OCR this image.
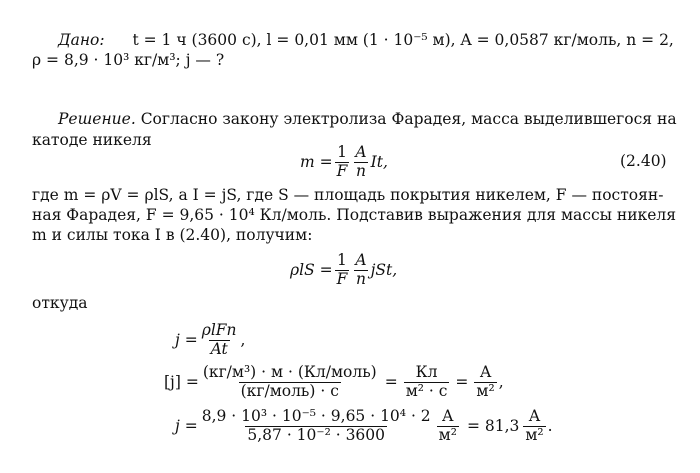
Дано: t = 1 ч (3600 с), l = 0,01 мм (1 · 10⁻⁵ м), A = 0,0587 кг/моль, n = 2,
ρ = 8,9 · 10³ кг/м³; j — ?
Решение. Согласно закону электролиза Фарадея, масса выделившегося на
катоде никеля
$m = \frac{1}{F} \frac{A}{n} It$,	(2.40)
где m = ρV = ρlS, а I = jS, где S — площадь покрытия никелем, F — постоян-
ная Фарадея, F = 9,65 · 10⁴ Кл/моль. Подставив выражения для массы никеля
m и силы тока I в (2.40), получим:
$\rho lS = \frac{1}{F} \frac{A}{n}$ jSt,
откуда
$j = \frac{\text{ρlFn}}{At}$ ,
$[j] = \frac{\text{(кг/м³) · м · (Кл/моль)}}{\text{(кг/моль) · с}} = \frac{Кл}{\text{м² · с}} = \frac{А}{\text{м²}}$ ,
$j = \frac{\text{8,9 · 10³ · 10⁻⁵ · 9,65 · 10⁴ · 2}}{\text{5,87 · 10⁻² · 3600}} \frac{А}{\text{м²}} = 81,3 \frac{А}{\text{м²}}$ .
